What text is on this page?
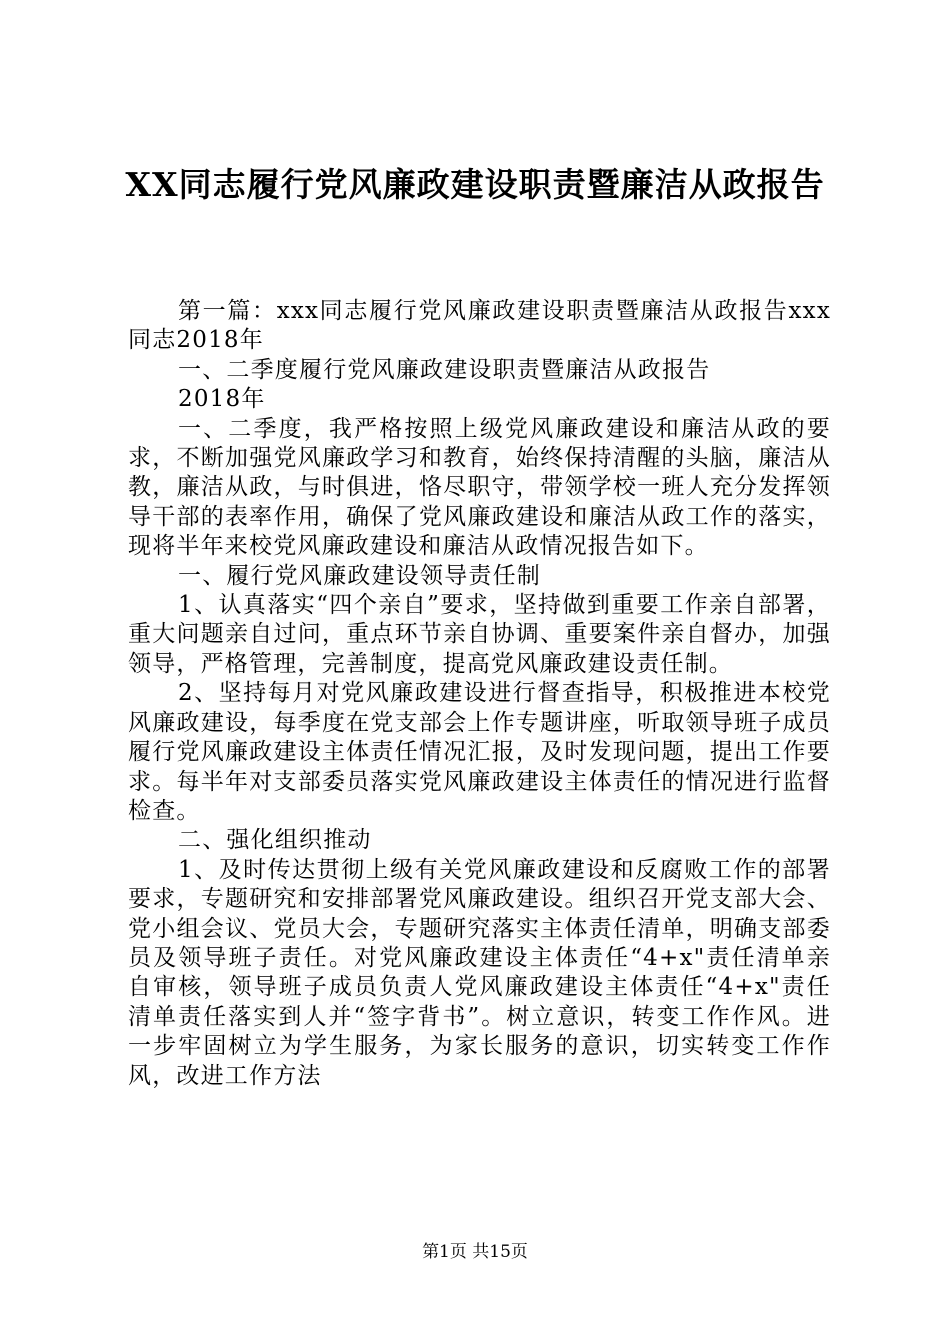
XX同志履行党风廉政建设职责暨廉洁从政报告

第一篇：xxx同志履行党风廉政建设职责暨廉洁从政报告xxx同志2018年

一、二季度履行党风廉政建设职责暨廉洁从政报告

2018年

一、二季度，我严格按照上级党风廉政建设和廉洁从政的要求，不断加强党风廉政学习和教育，始终保持清醒的头脑，廉洁从教，廉洁从政，与时俱进，恪尽职守，带领学校一班人充分发挥领导干部的表率作用，确保了党风廉政建设和廉洁从政工作的落实，现将半年来校党风廉政建设和廉洁从政情况报告如下。

一、履行党风廉政建设领导责任制

1、认真落实“四个亲自”要求，坚持做到重要工作亲自部署，重大问题亲自过问，重点环节亲自协调、重要案件亲自督办，加强领导，严格管理，完善制度，提高党风廉政建设责任制。

2、坚持每月对党风廉政建设进行督查指导，积极推进本校党风廉政建设，每季度在党支部会上作专题讲座，听取领导班子成员履行党风廉政建设主体责任情况汇报，及时发现问题，提出工作要求。每半年对支部委员落实党风廉政建设主体责任的情况进行监督检查。

二、强化组织推动

1、及时传达贯彻上级有关党风廉政建设和反腐败工作的部署要求，专题研究和安排部署党风廉政建设。组织召开党支部大会、党小组会议、党员大会，专题研究落实主体责任清单，明确支部委员及领导班子责任。对党风廉政建设主体责任“4+x"责任清单亲自审核，领导班子成员负责人党风廉政建设主体责任“4+x"责任清单责任落实到人并“签字背书”。树立意识，转变工作作风。进一步牢固树立为学生服务，为家长服务的意识，切实转变工作作风，改进工作方法

第1页 共15页
